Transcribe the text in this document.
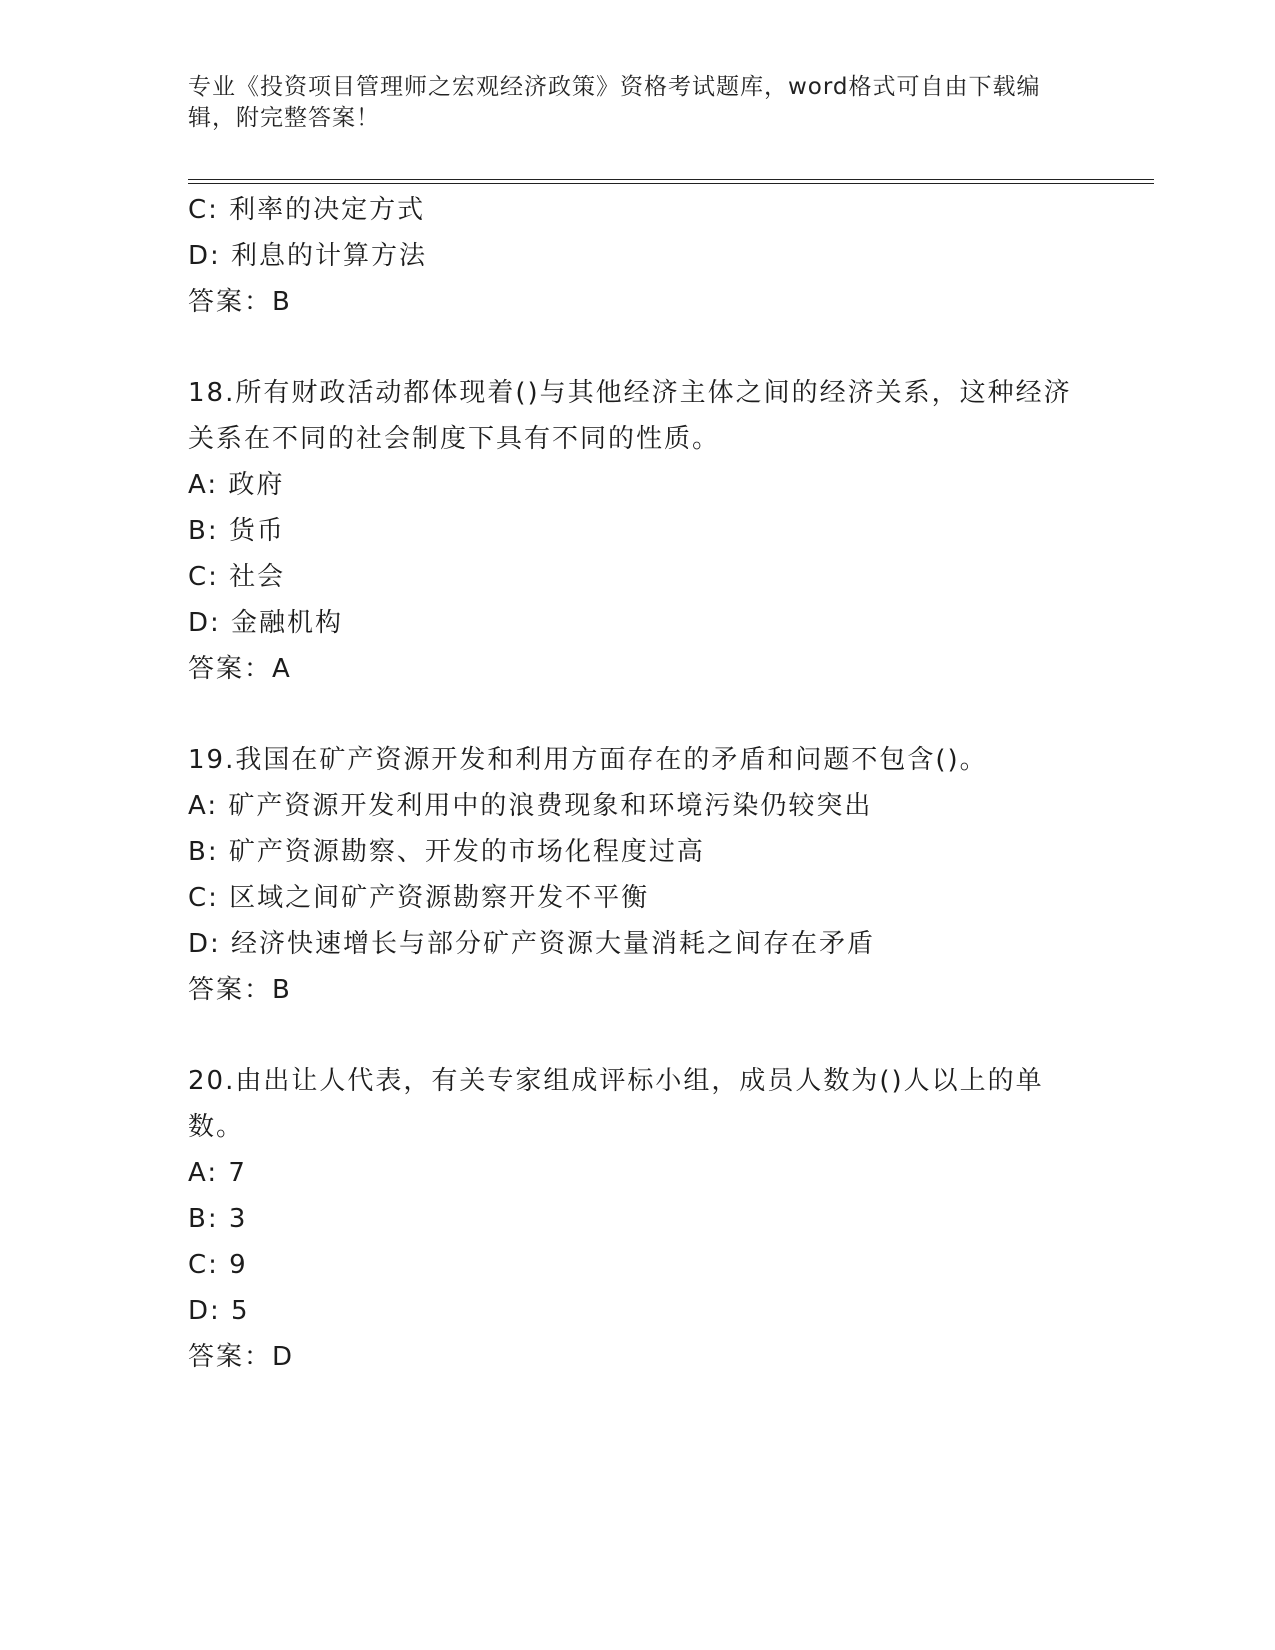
专业《投资项目管理师之宏观经济政策》资格考试题库，word格式可自由下载编辑，附完整答案！
C: 利率的决定方式
D: 利息的计算方法
答案：B
18.所有财政活动都体现着()与其他经济主体之间的经济关系，这种经济关系在不同的社会制度下具有不同的性质。
A: 政府
B: 货币
C: 社会
D: 金融机构
答案：A
19.我国在矿产资源开发和利用方面存在的矛盾和问题不包含()。
A: 矿产资源开发利用中的浪费现象和环境污染仍较突出
B: 矿产资源勘察、开发的市场化程度过高
C: 区域之间矿产资源勘察开发不平衡
D: 经济快速增长与部分矿产资源大量消耗之间存在矛盾
答案：B
20.由出让人代表，有关专家组成评标小组，成员人数为()人以上的单数。
A: 7
B: 3
C: 9
D: 5
答案：D
